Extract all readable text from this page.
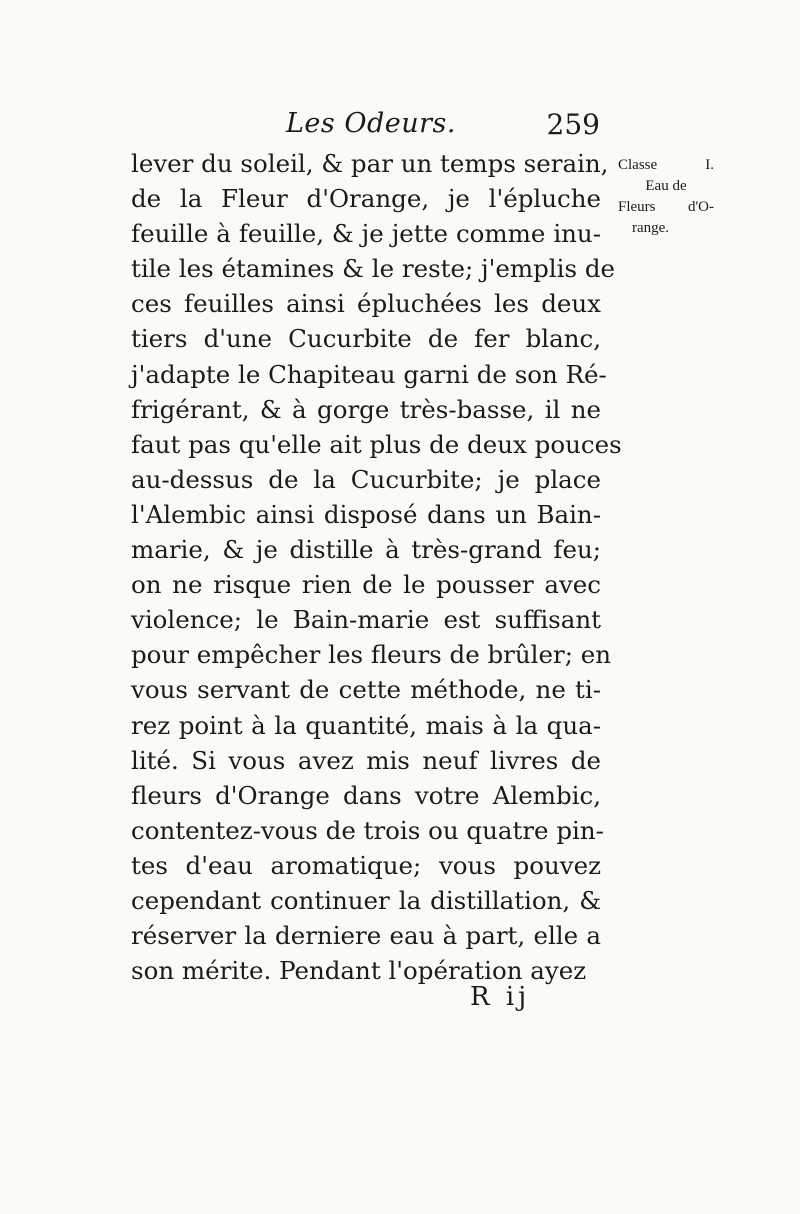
Les Odeurs.	259
Classe I.
Eau de
Fleurs d'O-
range.
lever du soleil, & par un temps serain,
de la Fleur d'Orange, je l'épluche
feuille à feuille, & je jette comme inu-
tile les étamines & le reste; j'emplis de
ces feuilles ainsi épluchées les deux
tiers d'une Cucurbite de fer blanc,
j'adapte le Chapiteau garni de son Ré-
frigérant, & à gorge très-basse, il ne
faut pas qu'elle ait plus de deux pouces
au-dessus de la Cucurbite; je place
l'Alembic ainsi disposé dans un Bain-
marie, & je distille à très-grand feu;
on ne risque rien de le pousser avec
violence; le Bain-marie est suffisant
pour empêcher les fleurs de brûler; en
vous servant de cette méthode, ne ti-
rez point à la quantité, mais à la qua-
lité. Si vous avez mis neuf livres de
fleurs d'Orange dans votre Alembic,
contentez-vous de trois ou quatre pin-
tes d'eau aromatique; vous pouvez
cependant continuer la distillation, &
réserver la derniere eau à part, elle a
son mérite. Pendant l'opération ayez
R ij
